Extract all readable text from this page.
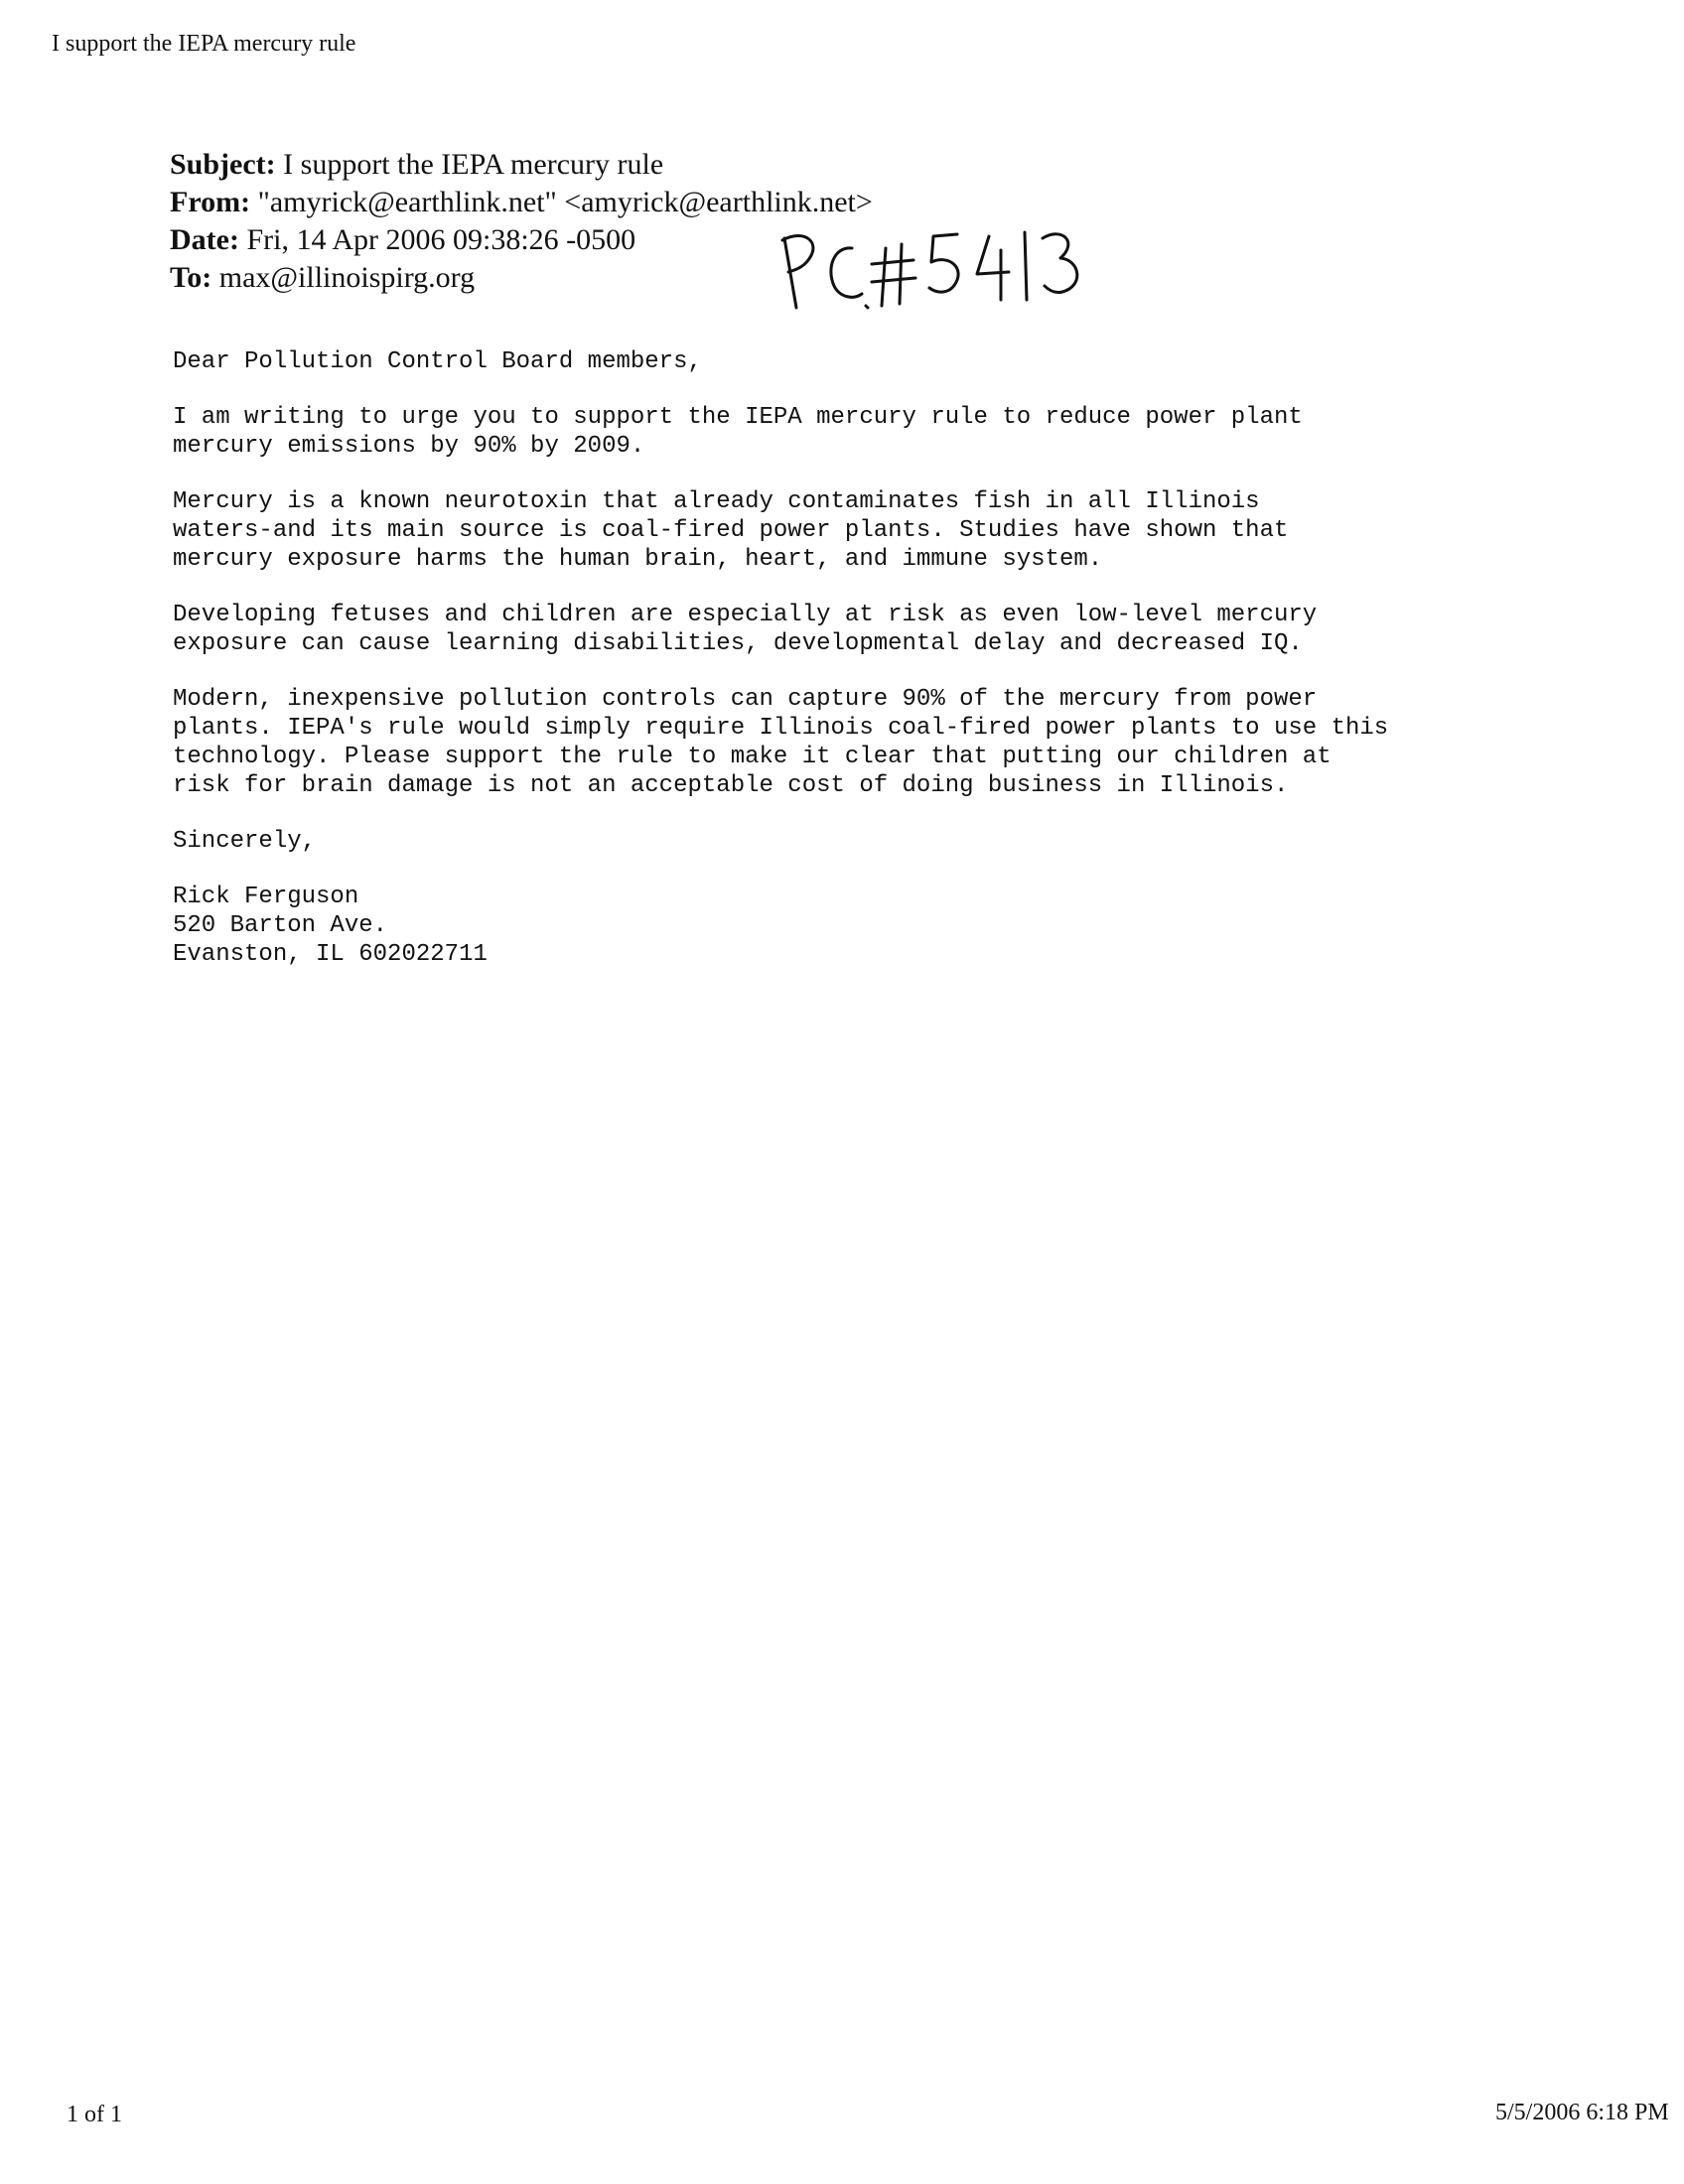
I support the IEPA mercury rule
Subject: I support the IEPA mercury rule
From: "amyrick@earthlink.net" <amyrick@earthlink.net>
Date: Fri, 14 Apr 2006 09:38:26 -0500
To: max@illinoispirg.org

Dear Pollution Control Board members,

I am writing to urge you to support the IEPA mercury rule to reduce power plant
mercury emissions by 90% by 2009.

Mercury is a known neurotoxin that already contaminates fish in all Illinois
waters-and its main source is coal-fired power plants. Studies have shown that
mercury exposure harms the human brain, heart, and immune system.

Developing fetuses and children are especially at risk as even low-level mercury
exposure can cause learning disabilities, developmental delay and decreased IQ.

Modern, inexpensive pollution controls can capture 90% of the mercury from power
plants. IEPA's rule would simply require Illinois coal-fired power plants to use this
technology. Please support the rule to make it clear that putting our children at
risk for brain damage is not an acceptable cost of doing business in Illinois.

Sincerely,

Rick Ferguson
520 Barton Ave.
Evanston, IL 602022711
1 of 1	5/5/2006 6:18 PM
